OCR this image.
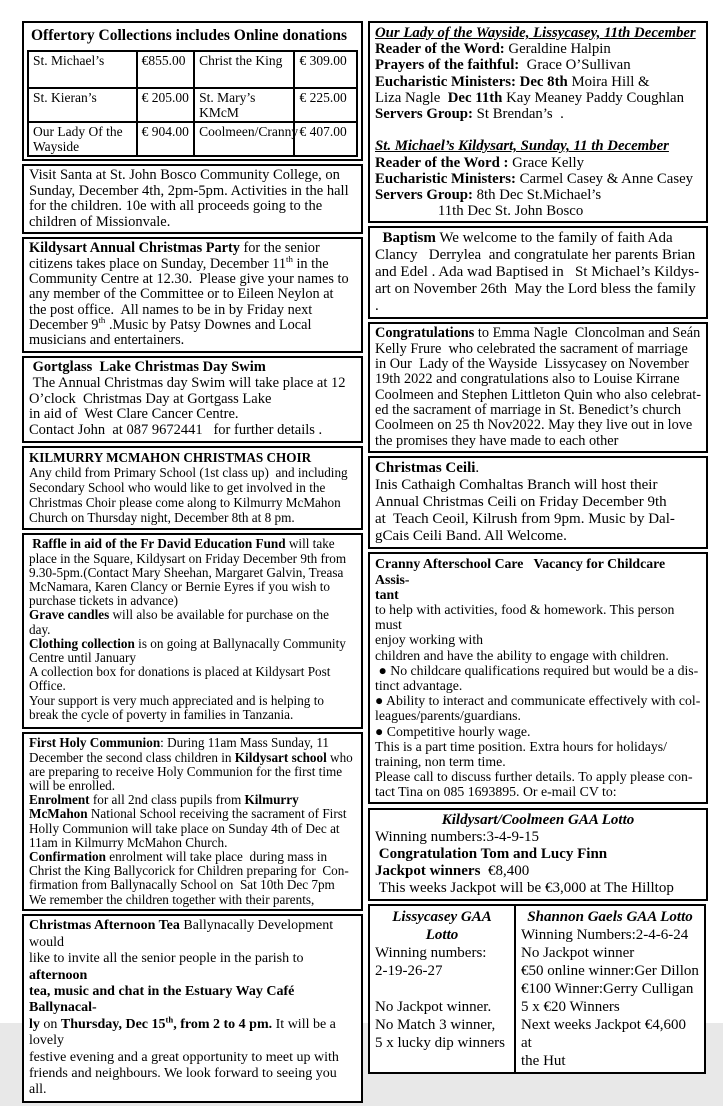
Offertory Collections includes Online donations
St. Michael’s	€855.00	Christ the King	€ 309.00
St. Kieran’s	€ 205.00	St. Mary’s KMcM	€ 225.00
Our Lady Of the Wayside	€ 904.00	Coolmeen/Cranny	€ 407.00
Visit Santa at St. John Bosco Community College, on
Sunday, December 4th, 2pm-5pm. Activities in the hall
for the children. 10e with all proceeds going to the
children of Missionvale.
Kildysart Annual Christmas Party for the senior
citizens takes place on Sunday, December 11th in the
Community Centre at 12.30.  Please give your names to
any member of the Committee or to Eileen Neylon at
the post office.  All names to be in by Friday next
December 9th .Music by Patsy Downes and Local
musicians and entertainers.
Gortglass  Lake Christmas Day Swim
The Annual Christmas day Swim will take place at 12
O’clock  Christmas Day at Gortgass Lake
in aid of  West Clare Cancer Centre.
Contact John  at 087 9672441   for further details .
KILMURRY MCMAHON CHRISTMAS CHOIR
Any child from Primary School (1st class up)  and including
Secondary School who would like to get involved in the
Christmas Choir please come along to Kilmurry McMahon
Church on Thursday night, December 8th at 8 pm.
Raffle in aid of the Fr David Education Fund will take
place in the Square, Kildysart on Friday December 9th from
9.30-5pm.(Contact Mary Sheehan, Margaret Galvin, Treasa
McNamara, Karen Clancy or Bernie Eyres if you wish to
purchase tickets in advance)
Grave candles will also be available for purchase on the
day.
Clothing collection is on going at Ballynacally Community
Centre until January
A collection box for donations is placed at Kildysart Post
Office.
Your support is very much appreciated and is helping to
break the cycle of poverty in families in Tanzania.
First Holy Communion: During 11am Mass Sunday, 11
December the second class children in Kildysart school who
are preparing to receive Holy Communion for the first time
will be enrolled.
Enrolment for all 2nd class pupils from Kilmurry
McMahon National School receiving the sacrament of First
Holly Communion will take place on Sunday 4th of Dec at
11am in Kilmurry McMahon Church.
Confirmation enrolment will take place  during mass in
Christ the King Ballycorick for Children preparing for  Con-
firmation from Ballynacally School on  Sat 10th Dec 7pm
We remember the children together with their parents,
Christmas Afternoon Tea Ballynacally Development would
like to invite all the senior people in the parish to afternoon
tea, music and chat in the Estuary Way Café Ballynacal-
ly on Thursday, Dec 15th, from 2 to 4 pm. It will be a lovely
festive evening and a great opportunity to meet up with
friends and neighbours. We look forward to seeing you all.
Our Lady of the Wayside, Lissycasey, 11th December
Reader of the Word: Geraldine Halpin
Prayers of the faithful:  Grace O’Sullivan
Eucharistic Ministers: Dec 8th Moira Hill &
Liza Nagle  Dec 11th Kay Meaney Paddy Coughlan
Servers Group: St Brendan’s  .

St. Michael’s Kildysart, Sunday, 11 th December
Reader of the Word : Grace Kelly
Eucharistic Ministers: Carmel Casey & Anne Casey
Servers Group: 8th Dec St.Michael’s
11th Dec St. John Bosco
Baptism We welcome to the family of faith Ada
Clancy   Derrylea  and congratulate her parents Brian
and Edel . Ada wad Baptised in   St Michael’s Kildys-
art on November 26th  May the Lord bless the family .
Congratulations to Emma Nagle  Cloncolman and Seán
Kelly Frure  who celebrated the sacrament of marriage
in Our  Lady of the Wayside  Lissycasey on November
19th 2022 and congratulations also to Louise Kirrane
Coolmeen and Stephen Littleton Quin who also celebrat-
ed the sacrament of marriage in St. Benedict’s church
Coolmeen on 25 th Nov2022. May they live out in love
the promises they have made to each other
Christmas Ceili.
Inis Cathaigh Comhaltas Branch will host their
Annual Christmas Ceili on Friday December 9th
at  Teach Ceoil, Kilrush from 9pm. Music by Dal-
gCais Ceili Band. All Welcome.
Cranny Afterschool Care   Vacancy for Childcare Assis-
tant
to help with activities, food & homework. This person must
enjoy working with
children and have the ability to engage with children.
● No childcare qualifications required but would be a dis-
tinct advantage.
● Ability to interact and communicate effectively with col-
leagues/parents/guardians.
● Competitive hourly wage.
This is a part time position. Extra hours for holidays/
training, non term time.
Please call to discuss further details. To apply please con-
tact Tina on 085 1693895. Or e-mail CV to:
Kildysart/Coolmeen GAA Lotto
Winning numbers:3-4-9-15
Congratulation Tom and Lucy Finn
Jackpot winners  €8,400
This weeks Jackpot will be €3,000 at The Hilltop
Lissycasey GAA Lotto
Winning numbers:
2-19-26-27

No Jackpot winner.
No Match 3 winner,
5 x lucky dip winners
Shannon Gaels GAA Lotto
Winning Numbers:2-4-6-24
No Jackpot winner
€50 online winner:Ger Dillon
€100 Winner:Gerry Culligan
5 x €20 Winners
Next weeks Jackpot €4,600 at
the Hut
